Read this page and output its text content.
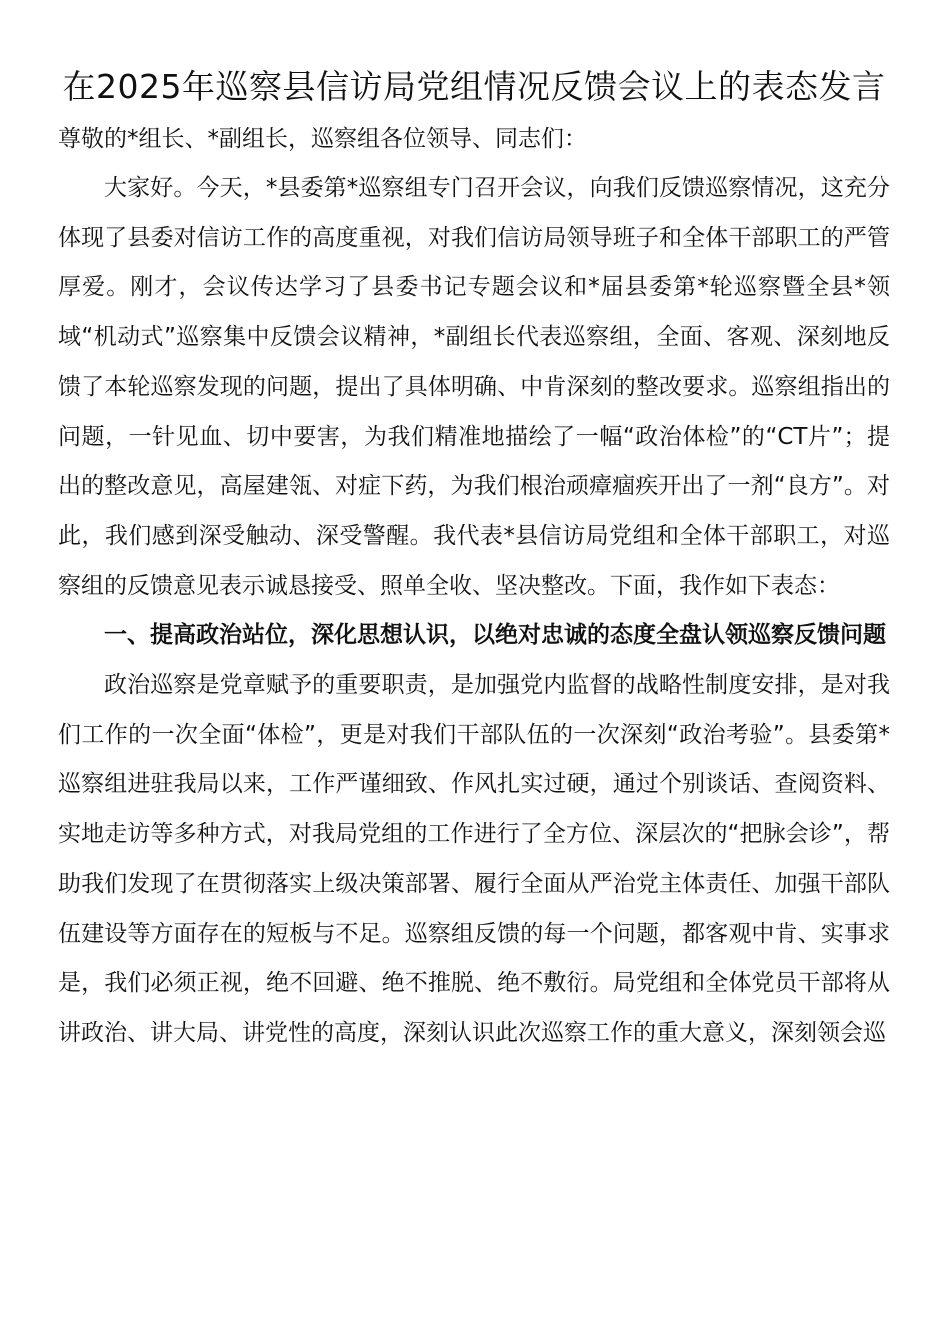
在2025年巡察县信访局党组情况反馈会议上的表态发言

尊敬的*组长、*副组长，巡察组各位领导、同志们：

大家好。今天，*县委第*巡察组专门召开会议，向我们反馈巡察情况，这充分体现了县委对信访工作的高度重视，对我们信访局领导班子和全体干部职工的严管厚爱。刚才，会议传达学习了县委书记专题会议和*届县委第*轮巡察暨全县*领域“机动式”巡察集中反馈会议精神，*副组长代表巡察组，全面、客观、深刻地反馈了本轮巡察发现的问题，提出了具体明确、中肯深刻的整改要求。巡察组指出的问题，一针见血、切中要害，为我们精准地描绘了一幅“政治体检”的“CT片”；提出的整改意见，高屋建瓴、对症下药，为我们根治顽瘴痼疾开出了一剂“良方”。对此，我们感到深受触动、深受警醒。我代表*县信访局党组和全体干部职工，对巡察组的反馈意见表示诚恳接受、照单全收、坚决整改。下面，我作如下表态：

一、提高政治站位，深化思想认识，以绝对忠诚的态度全盘认领巡察反馈问题

政治巡察是党章赋予的重要职责，是加强党内监督的战略性制度安排，是对我们工作的一次全面“体检”，更是对我们干部队伍的一次深刻“政治考验”。县委第*巡察组进驻我局以来，工作严谨细致、作风扎实过硬，通过个别谈话、查阅资料、实地走访等多种方式，对我局党组的工作进行了全方位、深层次的“把脉会诊”，帮助我们发现了在贯彻落实上级决策部署、履行全面从严治党主体责任、加强干部队伍建设等方面存在的短板与不足。巡察组反馈的每一个问题，都客观中肯、实事求是，我们必须正视，绝不回避、绝不推脱、绝不敷衍。局党组和全体党员干部将从讲政治、讲大局、讲党性的高度，深刻认识此次巡察工作的重大意义，深刻领会巡
